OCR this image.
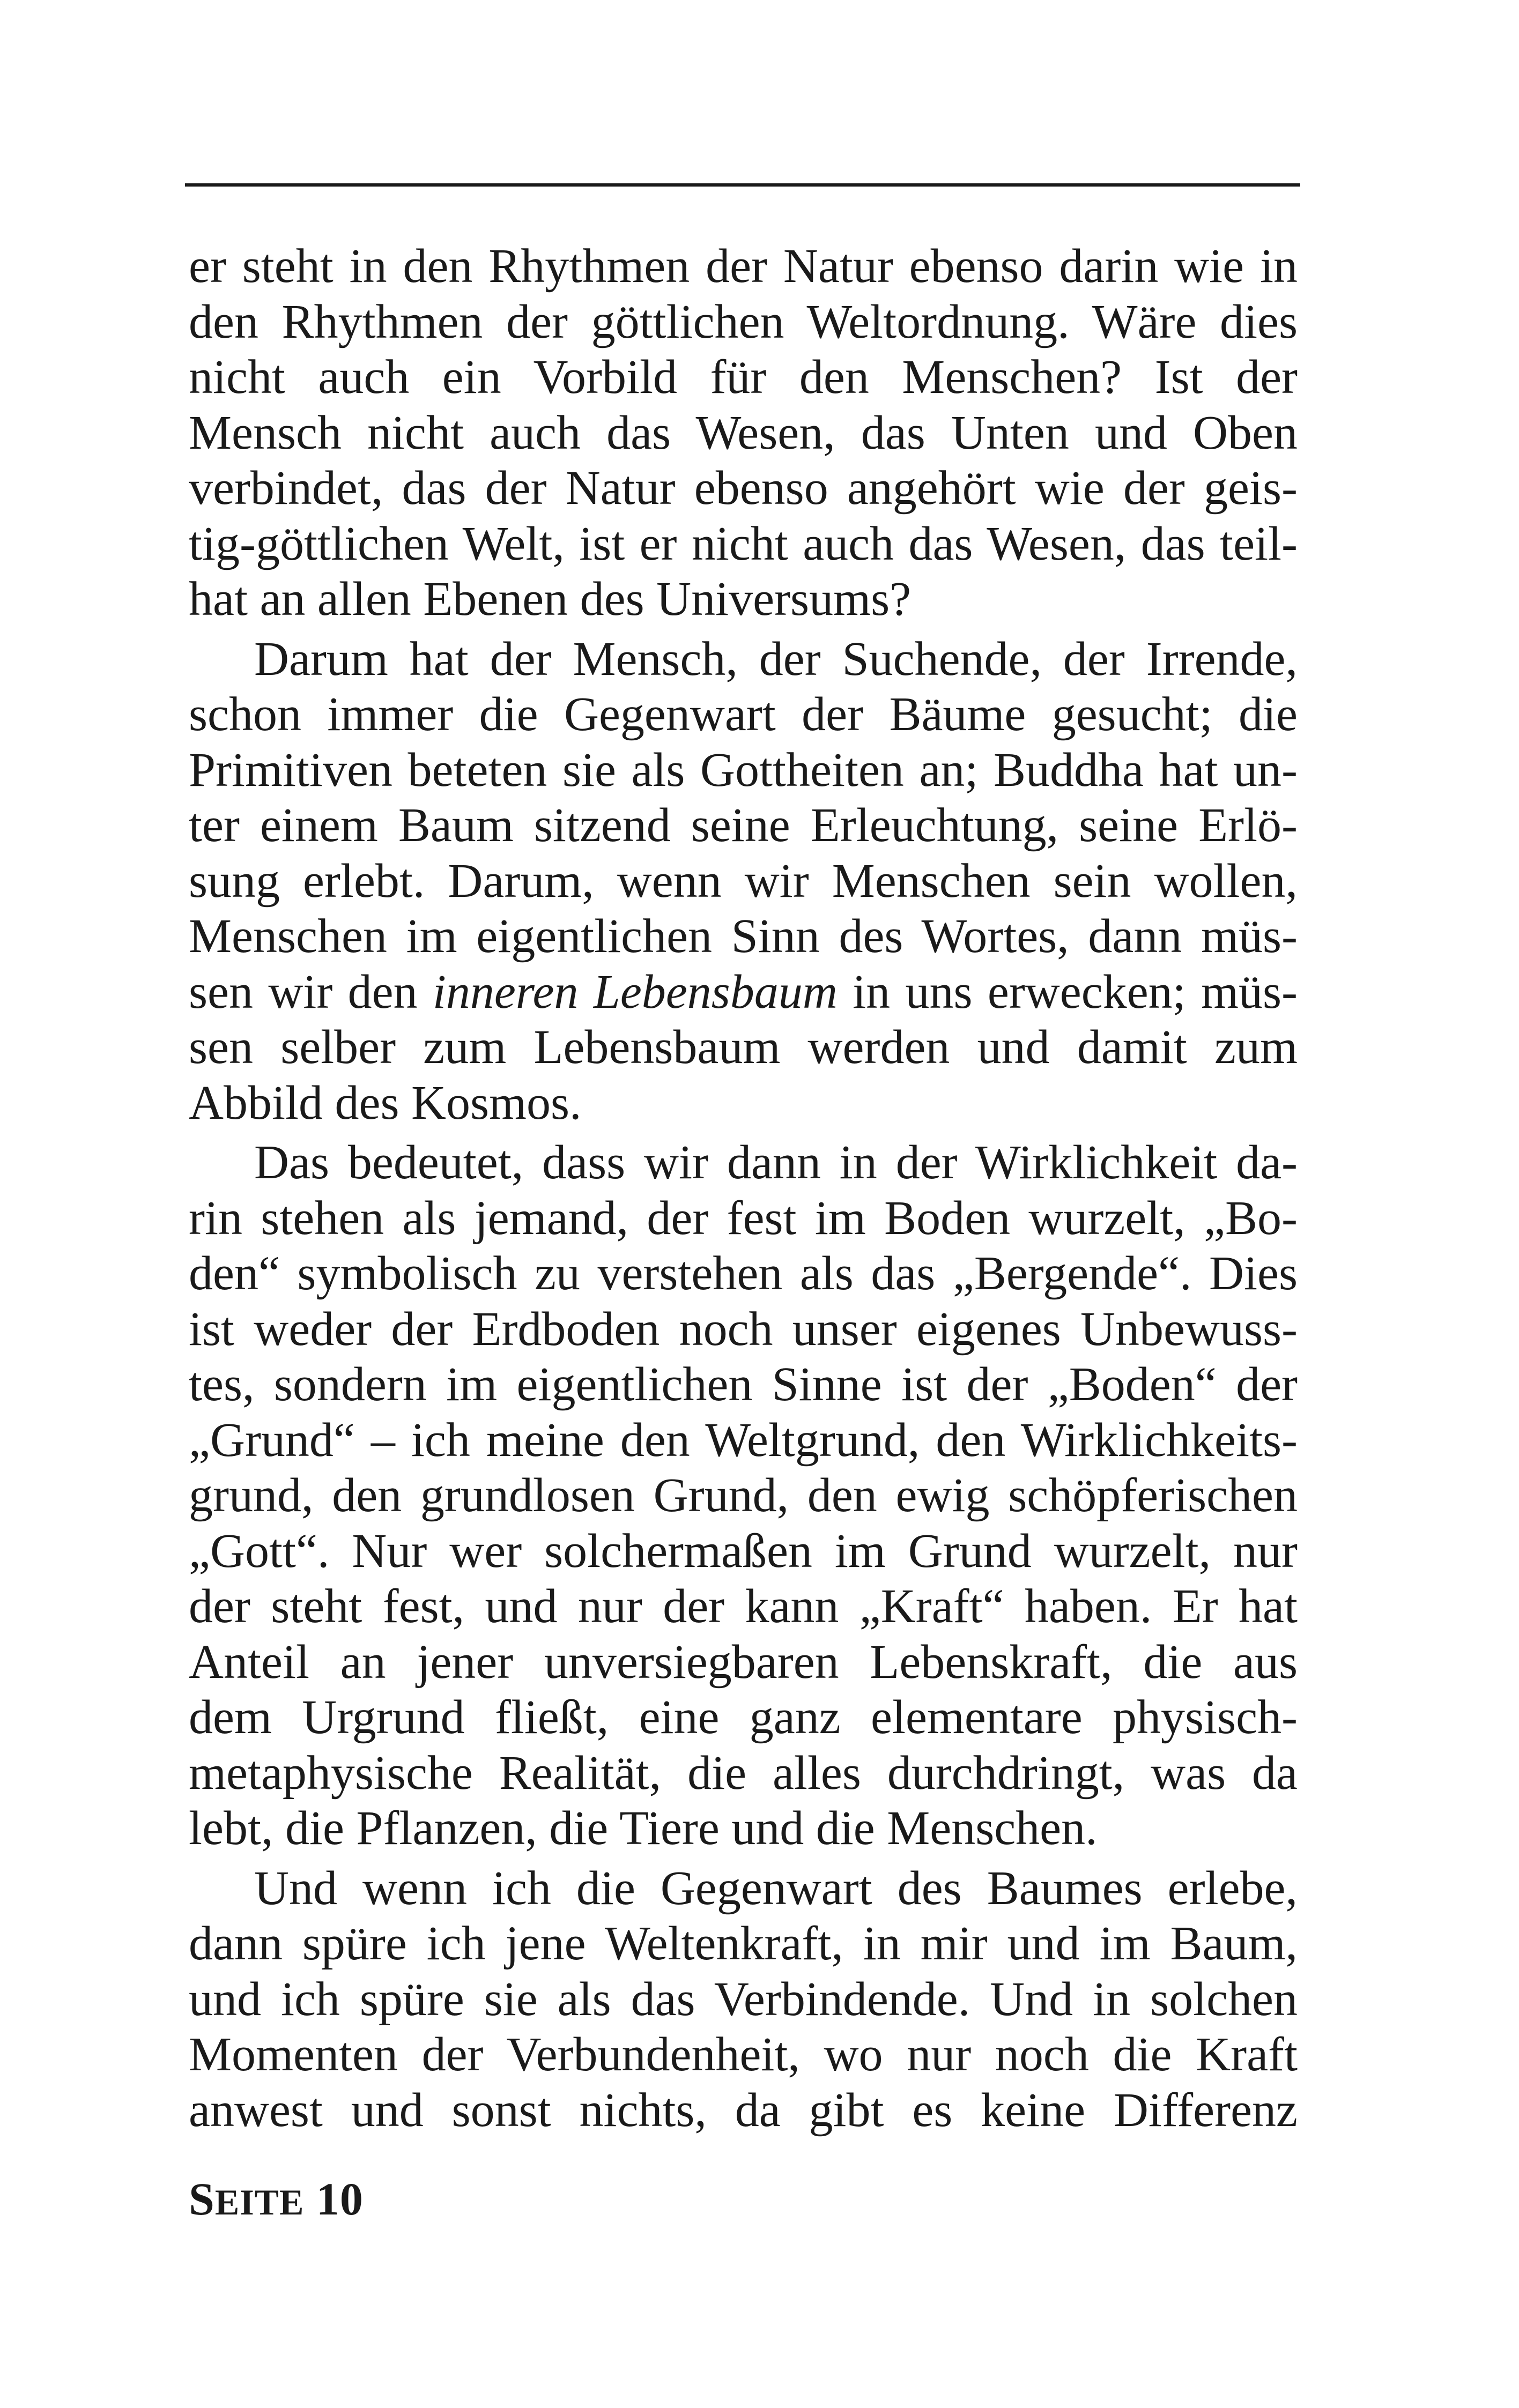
er steht in den Rhythmen der Natur ebenso darin wie in
den Rhythmen der göttlichen Weltordnung. Wäre dies
nicht auch ein Vorbild für den Menschen? Ist der
Mensch nicht auch das Wesen, das Unten und Oben
verbindet, das der Natur ebenso angehört wie der geis-
tig-göttlichen Welt, ist er nicht auch das Wesen, das teil-
hat an allen Ebenen des Universums?
Darum hat der Mensch, der Suchende, der Irrende,
schon immer die Gegenwart der Bäume gesucht; die
Primitiven beteten sie als Gottheiten an; Buddha hat un-
ter einem Baum sitzend seine Erleuchtung, seine Erlö-
sung erlebt. Darum, wenn wir Menschen sein wollen,
Menschen im eigentlichen Sinn des Wortes, dann müs-
sen wir den inneren Lebensbaum in uns erwecken; müs-
sen selber zum Lebensbaum werden und damit zum
Abbild des Kosmos.
Das bedeutet, dass wir dann in der Wirklichkeit da-
rin stehen als jemand, der fest im Boden wurzelt, „Bo-
den“ symbolisch zu verstehen als das „Bergende“. Dies
ist weder der Erdboden noch unser eigenes Unbewuss-
tes, sondern im eigentlichen Sinne ist der „Boden“ der
„Grund“ – ich meine den Weltgrund, den Wirklichkeits-
grund, den grundlosen Grund, den ewig schöpferischen
„Gott“. Nur wer solchermaßen im Grund wurzelt, nur
der steht fest, und nur der kann „Kraft“ haben. Er hat
Anteil an jener unversiegbaren Lebenskraft, die aus
dem Urgrund fließt, eine ganz elementare physisch-
metaphysische Realität, die alles durchdringt, was da
lebt, die Pflanzen, die Tiere und die Menschen.
Und wenn ich die Gegenwart des Baumes erlebe,
dann spüre ich jene Weltenkraft, in mir und im Baum,
und ich spüre sie als das Verbindende. Und in solchen
Momenten der Verbundenheit, wo nur noch die Kraft
anwest und sonst nichts, da gibt es keine Differenz
SEITE 10
